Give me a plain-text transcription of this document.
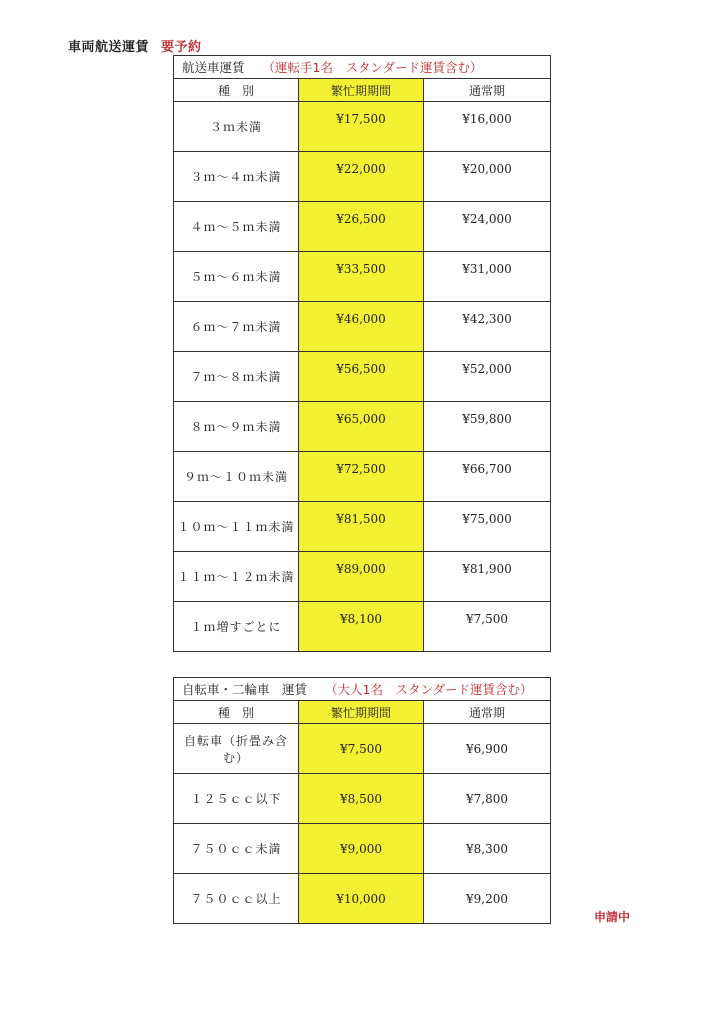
車両航送運賃 要予約
航送車運賃 （運転手1名　スタンダード運賃含む）		
種　別	繁忙期期間	通常期
３ｍ未満	¥17,500	¥16,000
３ｍ～４ｍ未満	¥22,000	¥20,000
４ｍ～５ｍ未満	¥26,500	¥24,000
５ｍ～６ｍ未満	¥33,500	¥31,000
６ｍ～７ｍ未満	¥46,000	¥42,300
７ｍ～８ｍ未満	¥56,500	¥52,000
８ｍ～９ｍ未満	¥65,000	¥59,800
９ｍ～１０ｍ未満	¥72,500	¥66,700
１０ｍ～１１ｍ未満	¥81,500	¥75,000
１１ｍ～１２ｍ未満	¥89,000	¥81,900
１ｍ増すごとに	¥8,100	¥7,500
自転車・二輪車　運賃 （大人1名　スタンダード運賃含む）		
種　別	繁忙期期間	通常期
自転車（折畳み含む）	¥7,500	¥6,900
１２５ｃｃ以下	¥8,500	¥7,800
７５０ｃｃ未満	¥9,000	¥8,300
７５０ｃｃ以上	¥10,000	¥9,200
申請中
